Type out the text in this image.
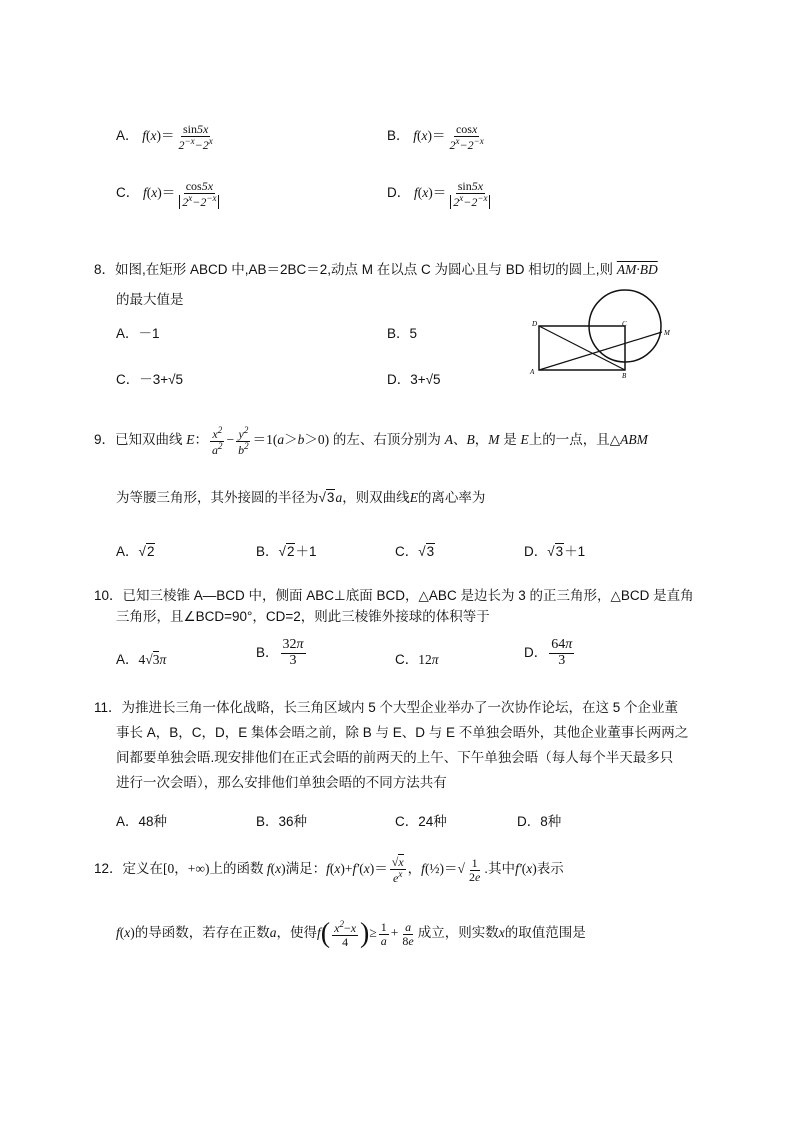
A． $f(x)= \frac{\sin 5x}{2^{-x}-2^x}$	B． $f(x)= \frac{\cos x}{2^x-2^{-x}}$
C． $f(x)= \frac{\cos 5x}{2^x-2^{-x}}$	D． $f(x)= \frac{\sin 5x}{2^x-2^{-x}}$
8．如图,在矩形 ABCD 中,AB＝2BC＝2,动点 M 在以点 C 为圆心且与 BD 相切的圆上,则 AM·BD
的最大值是
A．－1	B．5
C．－3+√5	D．3+√5
D	C
M
A	B
9．已知双曲线 E： $\frac{x^2}{a^2} - \frac{y^2}{b^2} =1(a>b>0)$ 的左、右顶分别为 A、B，M 是 E上的一点，且△ABM
为等腰三角形，其外接圆的半径为√3a，则双曲线E的离心率为
A．√2	B．√2＋1	C．√3	D．√3＋1
10．已知三棱锥 A—BCD 中，侧面 ABC⊥底面 BCD，△ABC 是边长为 3 的正三角形，△BCD 是直角
三角形，且∠BCD=90°，CD=2，则此三棱锥外接球的体积等于
A．4√3π	B． $\frac{32\pi}{3}$	C．12π	D． $\frac{64\pi}{3}$
11．为推进长三角一体化战略，长三角区域内 5 个大型企业举办了一次协作论坛，在这 5 个企业董
事长 A，B，C，D，E 集体会晤之前，除 B 与 E、D 与 E 不单独会晤外，其他企业董事长两两之
间都要单独会晤.现安排他们在正式会晤的前两天的上午、下午单独会晤（每人每个半天最多只
进行一次会晤），那么安排他们单独会晤的不同方法共有
A．48种	B．36种	C．24种	D．8种
12．定义在[0，+∞)上的函数 f(x)满足：$f(x)+f'(x)= \frac{√x}{e^x}$ ，f(½)＝√ $\frac{1}{2e}$ .其中f′(x)表示
f(x)的导函数，若存在正数a，使得$f( \frac{x^2-x}{4}$ )≥ $\frac{1}{a} + \frac{a}{8e}$ 成立，则实数x的取值范围是
